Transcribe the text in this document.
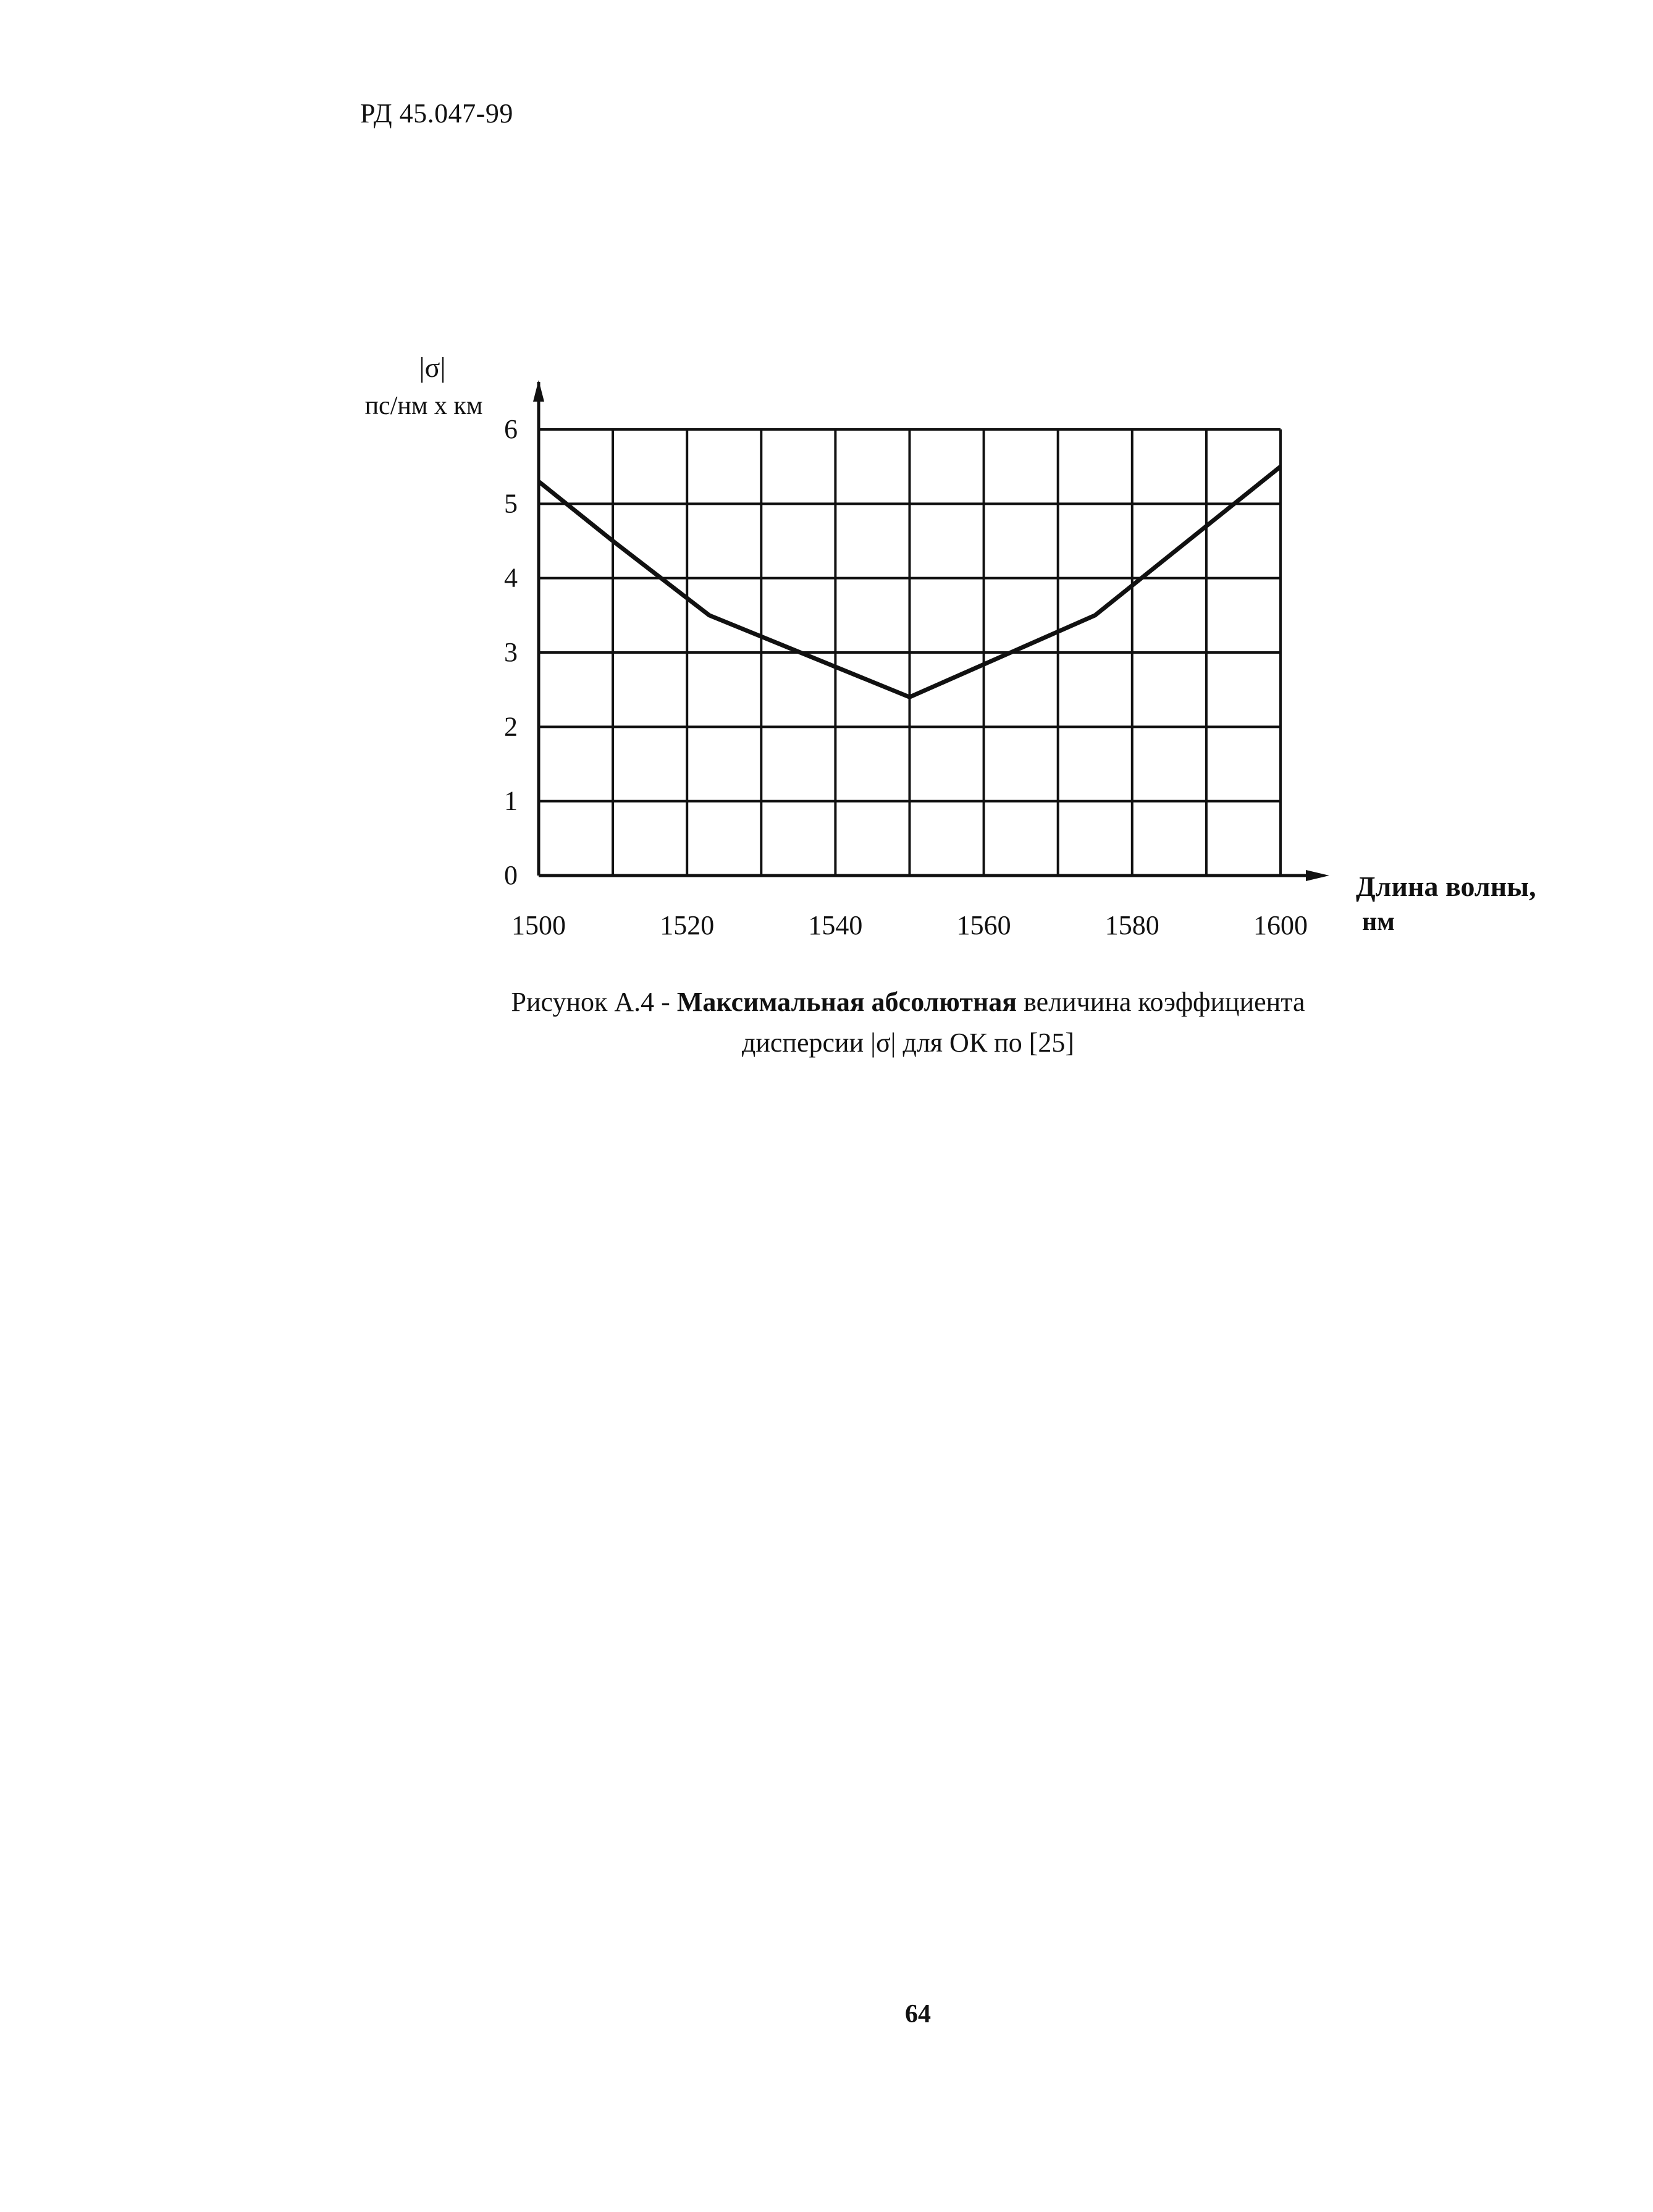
РД 45.047-99
0
1
2
3
4
5
6
1500	1520	1540	1560	1580	1600
|σ|
пс/нм х км
Длина волны,
нм
Рисунок А.4 - Максимальная абсолютная величина коэффициента
дисперсии |σ| для ОК по [25]
64
